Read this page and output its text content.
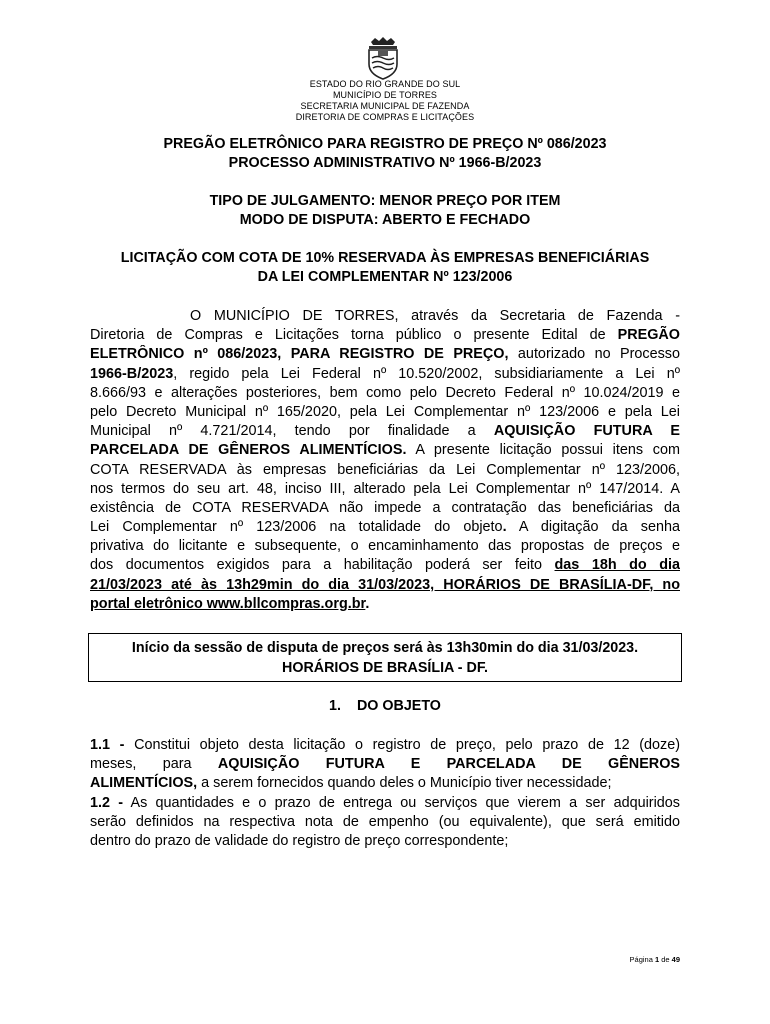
ESTADO DO RIO GRANDE DO SUL
MUNICÍPIO DE TORRES
SECRETARIA MUNICIPAL DE FAZENDA
DIRETORIA DE COMPRAS E LICITAÇÕES
PREGÃO ELETRÔNICO PARA REGISTRO DE PREÇO Nº 086/2023
PROCESSO ADMINISTRATIVO Nº 1966-B/2023
TIPO DE JULGAMENTO: MENOR PREÇO POR ITEM
MODO DE DISPUTA: ABERTO E FECHADO
LICITAÇÃO COM COTA DE 10% RESERVADA ÀS EMPRESAS BENEFICIÁRIAS
DA LEI COMPLEMENTAR Nº 123/2006
O MUNICÍPIO DE TORRES, através da Secretaria de Fazenda -
Diretoria de Compras e Licitações torna público o presente Edital de PREGÃO
ELETRÔNICO nº 086/2023, PARA REGISTRO DE PREÇO, autorizado no Processo
1966-B/2023, regido pela Lei Federal nº 10.520/2002, subsidiariamente a Lei nº
8.666/93 e alterações posteriores, bem como pelo Decreto Federal nº 10.024/2019 e
pelo Decreto Municipal nº 165/2020, pela Lei Complementar nº 123/2006 e pela Lei
Municipal nº 4.721/2014, tendo por finalidade a AQUISIÇÃO FUTURA E
PARCELADA DE GÊNEROS ALIMENTÍCIOS. A presente licitação possui itens com
COTA RESERVADA às empresas beneficiárias da Lei Complementar nº 123/2006,
nos termos do seu art. 48, inciso III, alterado pela Lei Complementar nº 147/2014. A
existência de COTA RESERVADA não impede a contratação das beneficiárias da
Lei Complementar nº 123/2006 na totalidade do objeto. A digitação da senha
privativa do licitante e subsequente, o encaminhamento das propostas de preços e
dos documentos exigidos para a habilitação poderá ser feito das 18h do dia
21/03/2023 até às 13h29min do dia 31/03/2023, HORÁRIOS DE BRASÍLIA-DF, no
portal eletrônico www.bllcompras.org.br.
Início da sessão de disputa de preços será às 13h30min do dia 31/03/2023.
HORÁRIOS DE BRASÍLIA - DF.
1. DO OBJETO
1.1 - Constitui objeto desta licitação o registro de preço, pelo prazo de 12 (doze)
meses, para AQUISIÇÃO FUTURA E PARCELADA DE GÊNEROS
ALIMENTÍCIOS, a serem fornecidos quando deles o Município tiver necessidade;
1.2 - As quantidades e o prazo de entrega ou serviços que vierem a ser adquiridos
serão definidos na respectiva nota de empenho (ou equivalente), que será emitido
dentro do prazo de validade do registro de preço correspondente;
Página 1 de 49
